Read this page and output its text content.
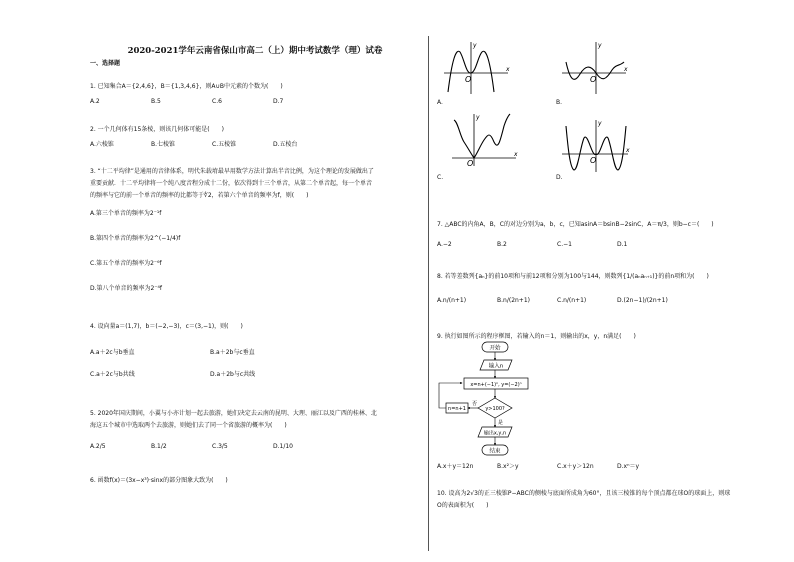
2020-2021学年云南省保山市高二（上）期中考试数学（理）试卷
一、选择题
1. 已知集合A＝{2,4,6}，B＝{1,3,4,6}，则A∪B中元素的个数为(　　)
A.2	B.5	C.6	D.7
2. 一个几何体有15条棱，则该几何体可能是(　　)
A.六棱锥	B.七棱锥	C.五棱锥	D.五棱台
3. “十二平均律”是通用的音律体系，明代朱载堉最早用数学方法计算出半音比例，为这个理论的发展做出了
重要贡献．十二平均律将一个纯八度音程分成十二份，依次得到十三个单音，从第二个单音起，每一个单音
的频率与它的前一个单音的频率的比都等于∜2，若第六个单音的频率为f，则(　　)
A.第三个单音的频率为2⁻¹f
B.第四个单音的频率为2^(−1/4)f
C.第五个单音的频率为2⁻⁶f
D.第八个单音的频率为2⁻⁴f
4. 设向量a＝(1,7)，b＝(−2,−3)，c＝(3,−1)，则(　　)
A.a＋2c与b垂直	B.a＋2b与c垂直
C.a＋2c与b共线	D.a＋2b与c共线
5. 2020年国庆期间，小翼与小亦计划一起去旅游，她们决定去云南的昆明、大理、丽江以及广西的桂林、北
海这五个城市中选取两个去旅游，则她们去了同一个省旅游的概率为(　　)
A.2/5	B.1/2	C.3/5	D.1/10
6. 函数f(x)＝(3x−x³)·sinx的部分图象大致为(　　)
x
y
O
A.
x
y
O
B.
x
y
O
C.
x
y
O
D.
7. △ABC的内角A，B，C的对边分别为a，b，c，已知asinA＝bsinB−2sinC，A＝π/3，则b−c＝(　　)
A.−2	B.2	C.−1	D.1
8. 若等差数列{aₙ}的前10项和与前12项和分别为100与144，则数列{1/(aₙaₙ₊₁)}的前n项和为(　　)
A.n/(n+1)	B.n/(2n+1)	C.n/(n+1)	D.(2n−1)/(2n+1)
9. 执行如图所示的程序框图，若输入的n＝1，则输出的x，y，n满足(　　)
开始
输入n
x=n+(−1)ⁿ, y=(−2)ⁿ
y>100?
否
n=n+1
是
输出x,y,n
结束
A.x＋y＝12n	B.x²＞y	C.x＋y＞12n	D.xⁿ＝y
10. 设高为2√3的正三棱锥P−ABC的侧棱与底面所成角为60°，且该三棱锥的每个顶点都在球O的球面上，则球
O的表面积为(　　)
